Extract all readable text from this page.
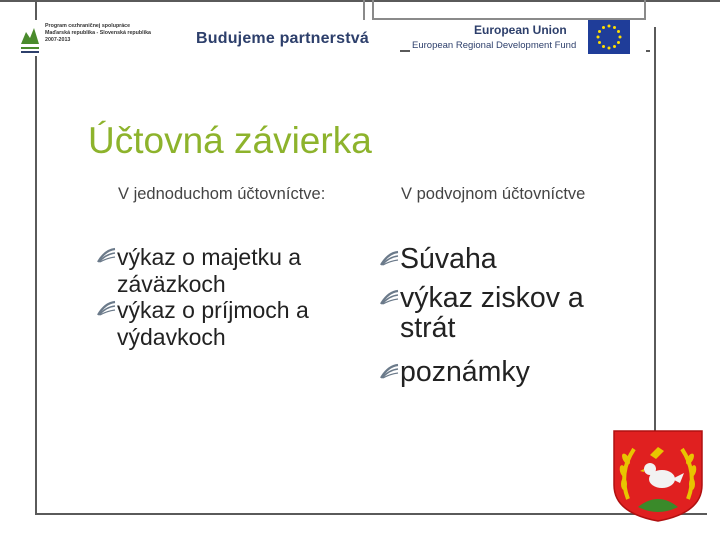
Program cezhraničnej spolupráce
Maďarská republika - Slovenská republika
2007-2013	Budujeme partnerstvá	European Union
European Regional Development Fund
Účtovná závierka
V jednoduchom účtovníctve:	V podvojnom účtovníctve
výkaz o majetku a záväzkoch
výkaz o príjmoch a výdavkoch
Súvaha
výkaz ziskov a strát
poznámky
